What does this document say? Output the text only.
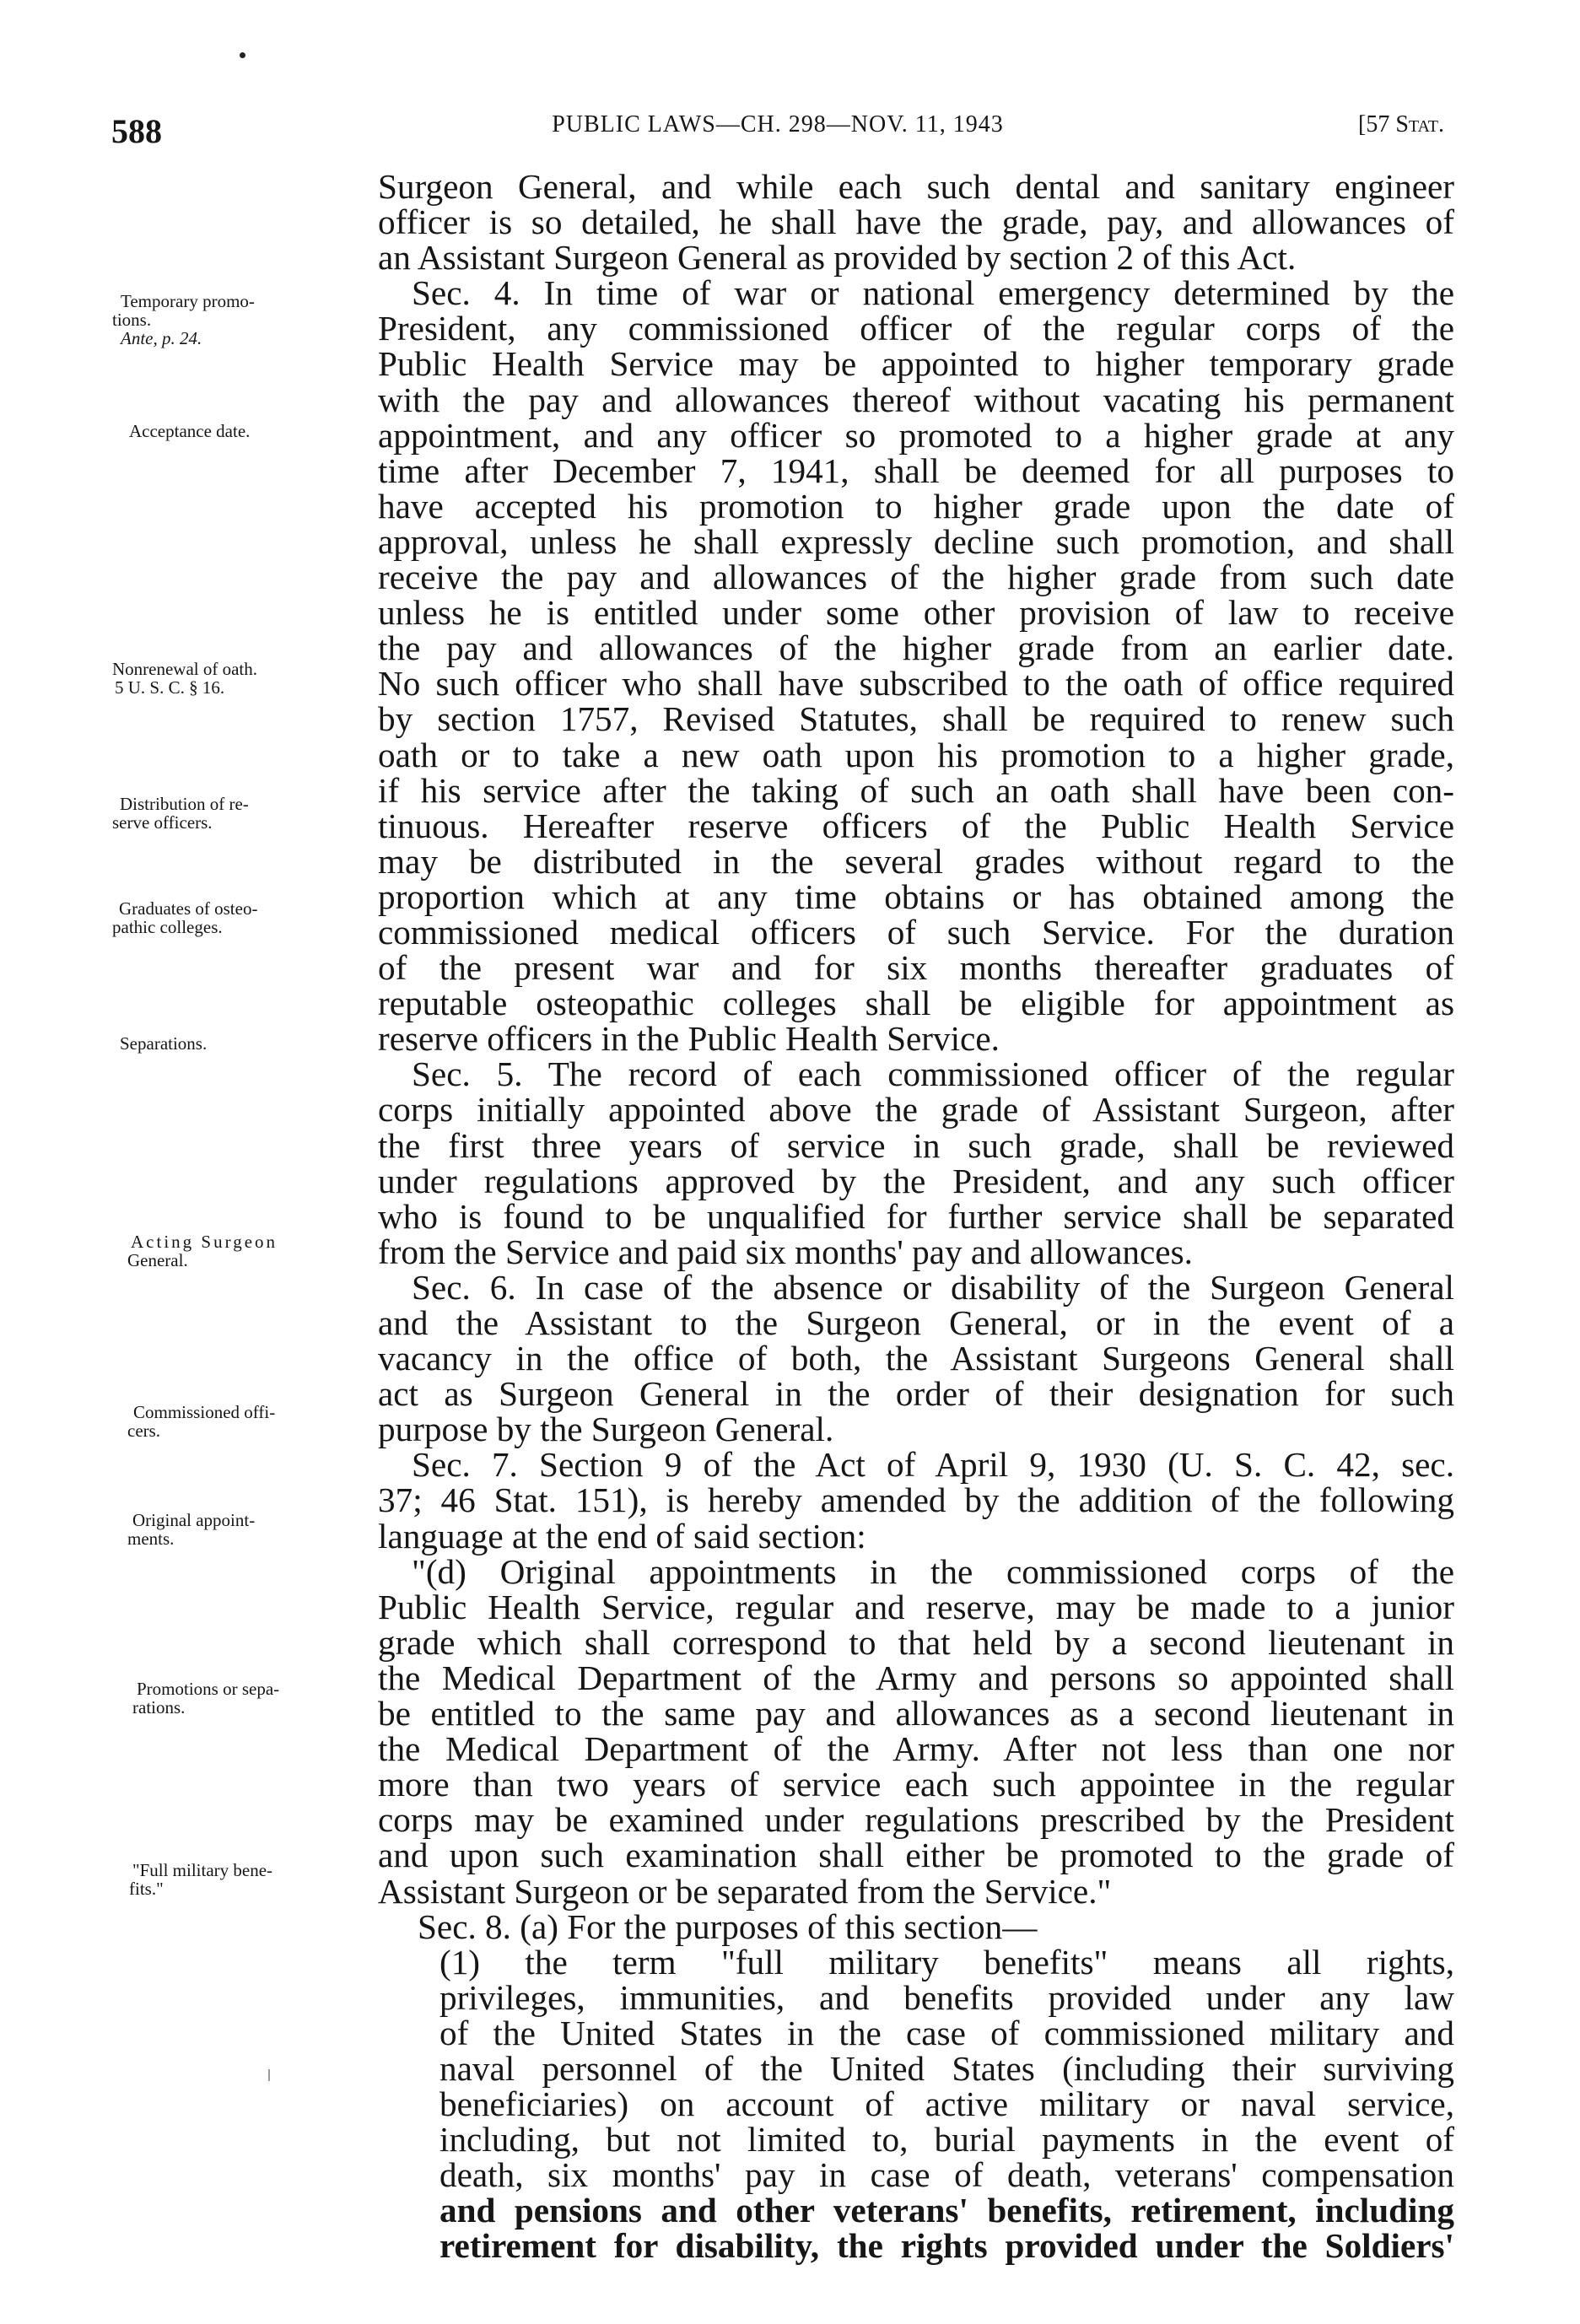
PUBLIC LAWS—CH. 298—NOV. 11, 1943
588	[57 Stat.
Temporary promo-
tions.
Ante, p. 24.
Acceptance date.
Nonrenewal of oath.
5 U. S. C. § 16.
Distribution of re-
serve officers.
Graduates of osteo-
pathic colleges.
Separations.
Acting Surgeon
General.
Commissioned offi-
cers.
Original appoint-
ments.
Promotions or sepa-
rations.
"Full military bene-
fits."

Surgeon General, and while each such dental and sanitary engineer

officer is so detailed, he shall have the grade, pay, and allowances of

an Assistant Surgeon General as provided by section 2 of this Act.

Sec. 4. In time of war or national emergency determined by the

President, any commissioned officer of the regular corps of the

Public Health Service may be appointed to higher temporary grade

with the pay and allowances thereof without vacating his permanent

appointment, and any officer so promoted to a higher grade at any

time after December 7, 1941, shall be deemed for all purposes to

have accepted his promotion to higher grade upon the date of

approval, unless he shall expressly decline such promotion, and shall

receive the pay and allowances of the higher grade from such date

unless he is entitled under some other provision of law to receive

the pay and allowances of the higher grade from an earlier date.

No such officer who shall have subscribed to the oath of office required

by section 1757, Revised Statutes, shall be required to renew such

oath or to take a new oath upon his promotion to a higher grade,

if his service after the taking of such an oath shall have been con-

tinuous. Hereafter reserve officers of the Public Health Service

may be distributed in the several grades without regard to the

proportion which at any time obtains or has obtained among the

commissioned medical officers of such Service. For the duration

of the present war and for six months thereafter graduates of

reputable osteopathic colleges shall be eligible for appointment as

reserve officers in the Public Health Service.

Sec. 5. The record of each commissioned officer of the regular

corps initially appointed above the grade of Assistant Surgeon, after

the first three years of service in such grade, shall be reviewed

under regulations approved by the President, and any such officer

who is found to be unqualified for further service shall be separated

from the Service and paid six months' pay and allowances.

Sec. 6. In case of the absence or disability of the Surgeon General

and the Assistant to the Surgeon General, or in the event of a

vacancy in the office of both, the Assistant Surgeons General shall

act as Surgeon General in the order of their designation for such

purpose by the Surgeon General.

Sec. 7. Section 9 of the Act of April 9, 1930 (U. S. C. 42, sec.

37; 46 Stat. 151), is hereby amended by the addition of the following

language at the end of said section:

"(d) Original appointments in the commissioned corps of the

Public Health Service, regular and reserve, may be made to a junior

grade which shall correspond to that held by a second lieutenant in

the Medical Department of the Army and persons so appointed shall

be entitled to the same pay and allowances as a second lieutenant in

the Medical Department of the Army. After not less than one nor

more than two years of service each such appointee in the regular

corps may be examined under regulations prescribed by the President

and upon such examination shall either be promoted to the grade of

Assistant Surgeon or be separated from the Service."

Sec. 8. (a) For the purposes of this section—

(1) the term "full military benefits" means all rights,

privileges, immunities, and benefits provided under any law

of the United States in the case of commissioned military and

naval personnel of the United States (including their surviving

beneficiaries) on account of active military or naval service,

including, but not limited to, burial payments in the event of

death, six months' pay in case of death, veterans' compensation

and pensions and other veterans' benefits, retirement, including

retirement for disability, the rights provided under the Soldiers'
